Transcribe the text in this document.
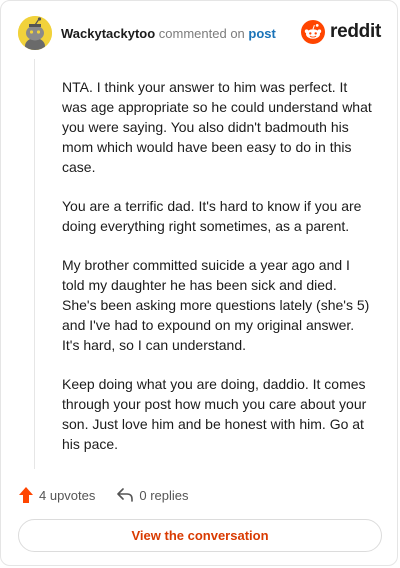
Wackytackytoo commented on post	reddit

NTA. I think your answer to him was perfect. It was age appropriate so he could understand what you were saying. You also didn't badmouth his mom which would have been easy to do in this case.

You are a terrific dad. It's hard to know if you are doing everything right sometimes, as a parent.

My brother committed suicide a year ago and I told my daughter he has been sick and died. She's been asking more questions lately (she's 5) and I've had to expound on my original answer. It's hard, so I can understand.

Keep doing what you are doing, daddio. It comes through your post how much you care about your son. Just love him and be honest with him. Go at his pace.

4 upvotes	0 replies
View the conversation
